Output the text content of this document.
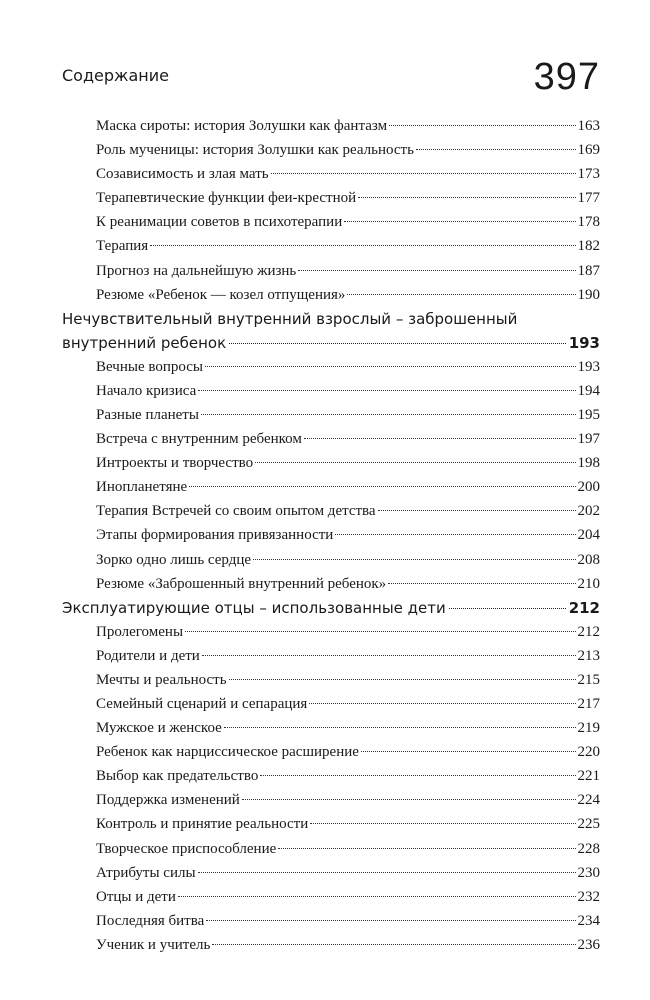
Содержание	397
Маска сироты: история Золушки как фантазм	163
Роль мученицы: история Золушки как реальность	169
Созависимость и злая мать	173
Терапевтические функции феи-крестной	177
К реанимации советов в психотерапии	178
Терапия	182
Прогноз на дальнейшую жизнь	187
Резюме «Ребенок — козел отпущения»	190
Нечувствительный внутренний взрослый – заброшенный
внутренний ребенок	193
Вечные вопросы	193
Начало кризиса	194
Разные планеты	195
Встреча с внутренним ребенком	197
Интроекты и творчество	198
Инопланетяне	200
Терапия Встречей со своим опытом детства	202
Этапы формирования привязанности	204
Зорко одно лишь сердце	208
Резюме «Заброшенный внутренний ребенок»	210
Эксплуатирующие отцы – использованные дети	212
Пролегомены	212
Родители и дети	213
Мечты и реальность	215
Семейный сценарий и сепарация	217
Мужское и женское	219
Ребенок как нарциссическое расширение	220
Выбор как предательство	221
Поддержка изменений	224
Контроль и принятие реальности	225
Творческое приспособление	228
Атрибуты силы	230
Отцы и дети	232
Последняя битва	234
Ученик и учитель	236
